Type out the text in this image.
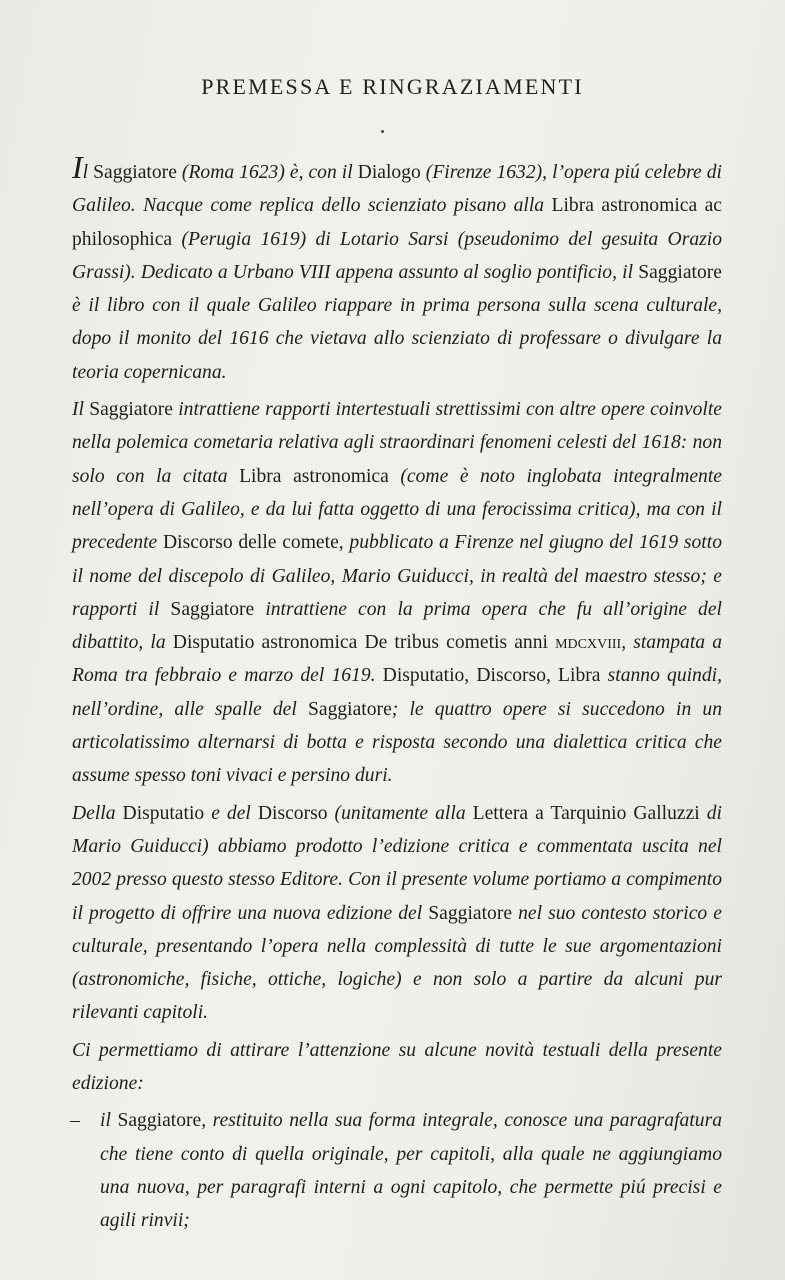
PREMESSA E RINGRAZIAMENTI

Il Saggiatore (Roma 1623) è, con il Dialogo (Firenze 1632), l’opera piú celebre di Galileo. Nacque come replica dello scienziato pisano alla Libra astronomica ac philosophica (Perugia 1619) di Lotario Sarsi (pseudonimo del gesuita Orazio Grassi). Dedicato a Urbano VIII appena assunto al soglio pontificio, il Saggiatore è il libro con il quale Galileo riappare in prima persona sulla scena culturale, dopo il monito del 1616 che vietava allo scienziato di professare o divulgare la teoria copernicana.

Il Saggiatore intrattiene rapporti intertestuali strettissimi con altre opere coinvolte nella polemica cometaria relativa agli straordinari fenomeni celesti del 1618: non solo con la citata Libra astronomica (come è noto inglobata integralmente nell’opera di Galileo, e da lui fatta oggetto di una ferocissima critica), ma con il precedente Discorso delle comete, pubblicato a Firenze nel giugno del 1619 sotto il nome del discepolo di Galileo, Mario Guiducci, in realtà del maestro stesso; e rapporti il Saggiatore intrattiene con la prima opera che fu all’origine del dibattito, la Disputatio astronomica De tribus cometis anni mdcxviii, stampata a Roma tra febbraio e marzo del 1619. Disputatio, Discorso, Libra stanno quindi, nell’ordine, alle spalle del Saggiatore; le quattro opere si succedono in un articolatissimo alternarsi di botta e risposta secondo una dialettica critica che assume spesso toni vivaci e persino duri.

Della Disputatio e del Discorso (unitamente alla Lettera a Tarquinio Galluzzi di Mario Guiducci) abbiamo prodotto l’edizione critica e commentata uscita nel 2002 presso questo stesso Editore. Con il presente volume portiamo a compimento il progetto di offrire una nuova edizione del Saggiatore nel suo contesto storico e culturale, presentando l’opera nella complessità di tutte le sue argomentazioni (astronomiche, fisiche, ottiche, logiche) e non solo a partire da alcuni pur rilevanti capitoli.

Ci permettiamo di attirare l’attenzione su alcune novità testuali della presente edizione:

– il Saggiatore, restituito nella sua forma integrale, conosce una paragrafatura che tiene conto di quella originale, per capitoli, alla quale ne aggiungiamo una nuova, per paragrafi interni a ogni capitolo, che permette piú precisi e agili rinvii;
